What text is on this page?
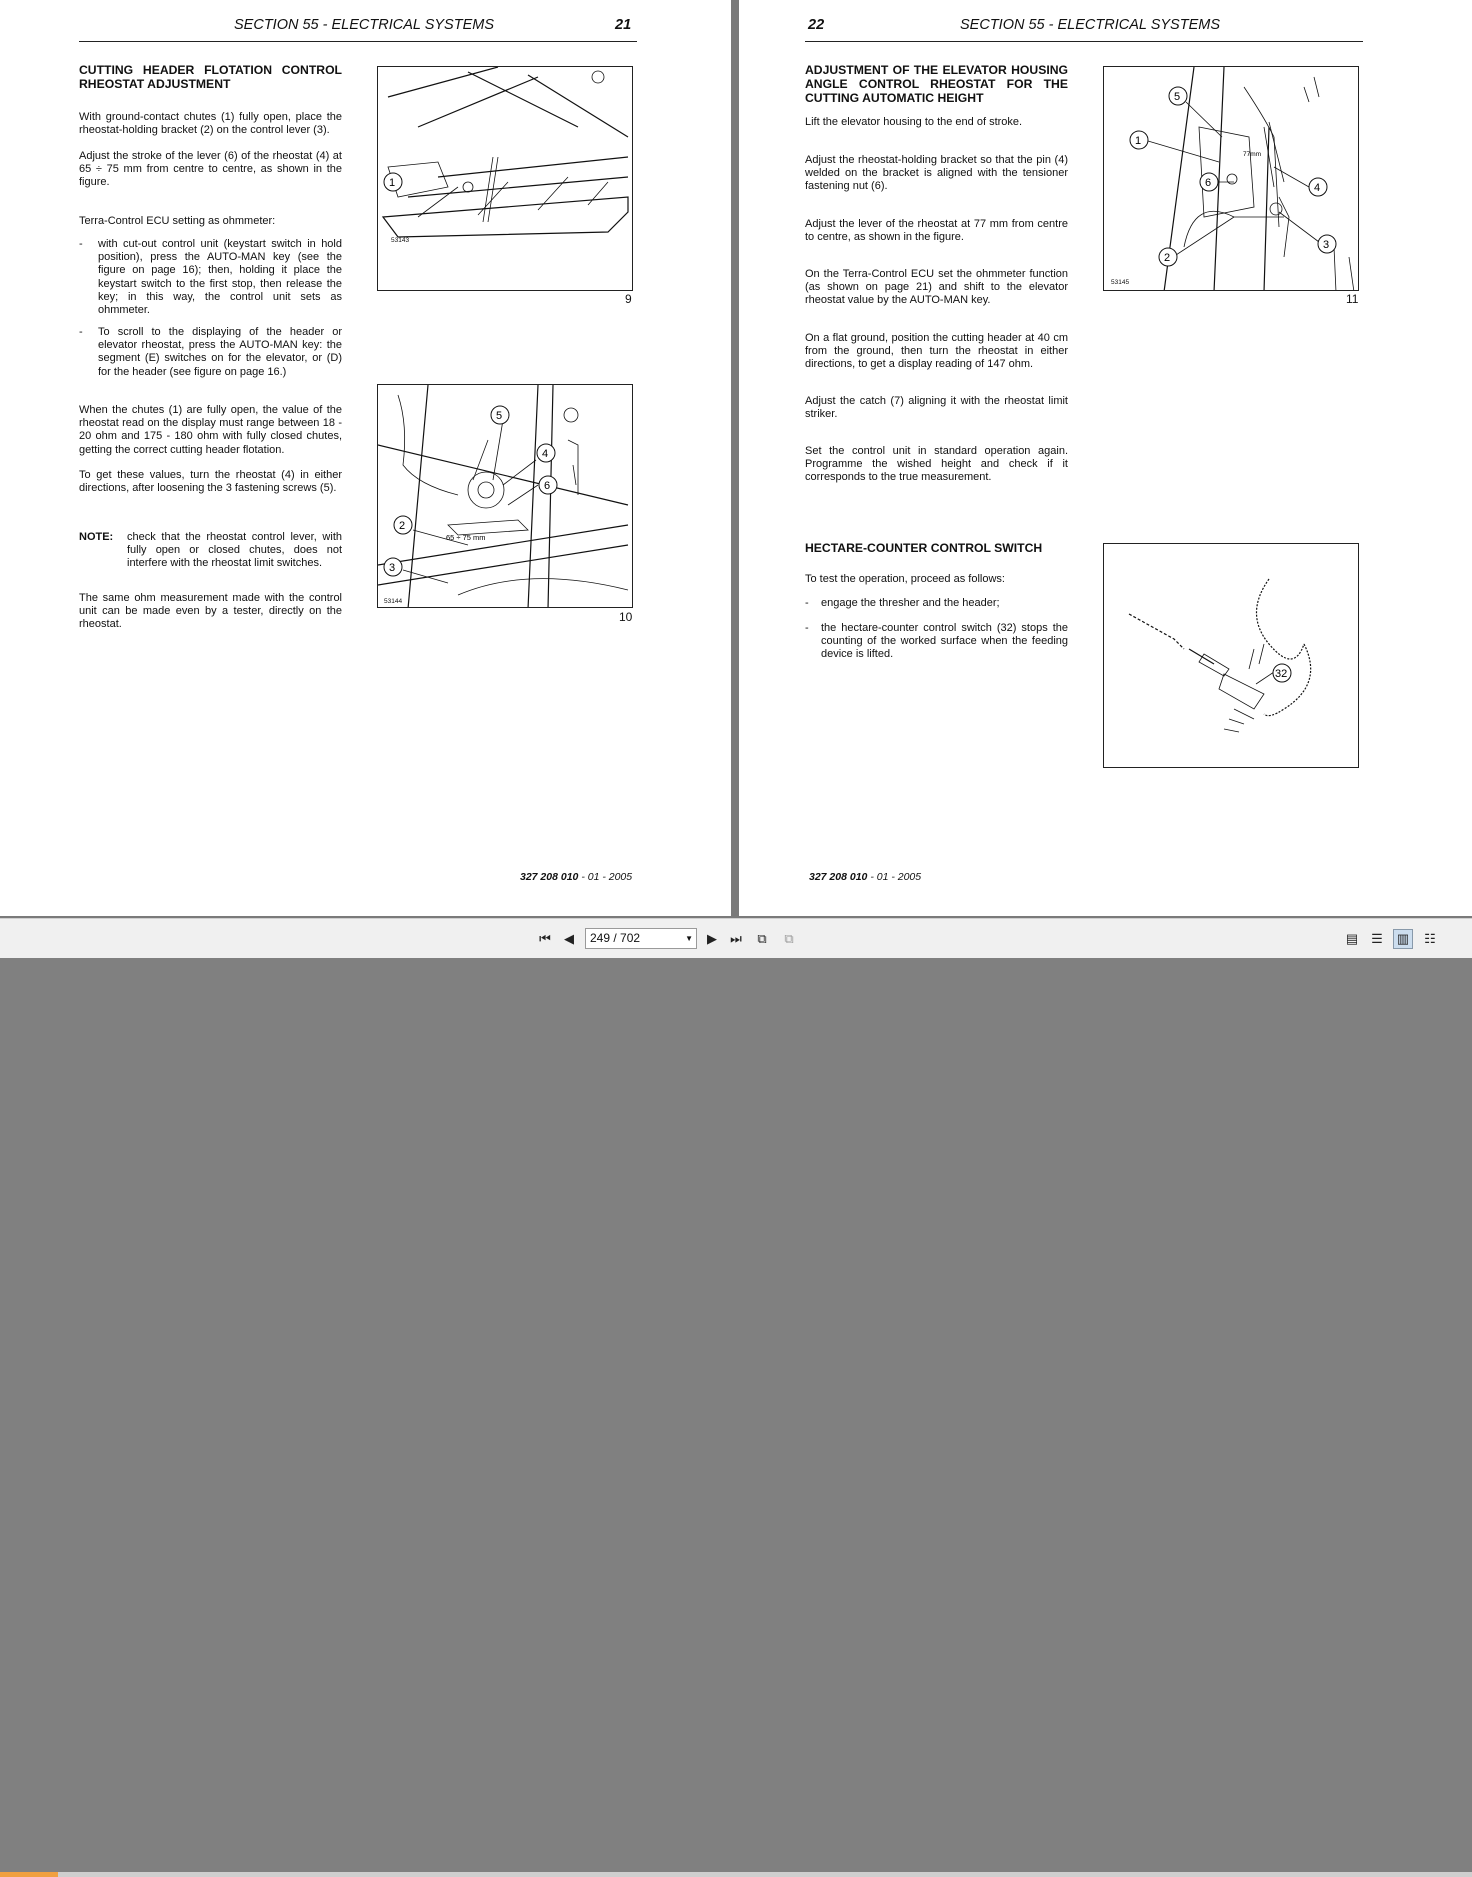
SECTION 55 - ELECTRICAL SYSTEMS	21
CUTTING HEADER FLOTATION CONTROL RHEOSTAT ADJUSTMENT
With ground-contact chutes (1) fully open, place the rheostat-holding bracket (2) on the control lever (3).
Adjust the stroke of the lever (6) of the rheostat (4) at 65 ÷ 75 mm from centre to centre, as shown in the figure.
Terra-Control ECU setting as ohmmeter:
- with cut-out control unit (keystart switch in hold position), press the AUTO-MAN key (see the figure on page 16); then, holding it place the keystart switch to the first stop, then release the key; in this way, the control unit sets as ohmmeter.
- To scroll to the displaying of the header or elevator rheostat, press the AUTO-MAN key: the segment (E) switches on for the elevator, or (D) for the header (see figure on page 16.)
When the chutes (1) are fully open, the value of the rheostat read on the display must range between 18 - 20 ohm and 175 - 180 ohm with fully closed chutes, getting the correct cutting header flotation.
To get these values, turn the rheostat (4) in either directions, after loosening the 3 fastening screws (5).
NOTE:	check that the rheostat control lever, with fully open or closed chutes, does not interfere with the rheostat limit switches.
The same ohm measurement made with the control unit can be made even by a tester, directly on the rheostat.
1
53143
9
5
4
6
2
3
65 ÷ 75 mm
53144
10
327 208 010 - 01 - 2005
22	SECTION 55 - ELECTRICAL SYSTEMS
ADJUSTMENT OF THE ELEVATOR HOUSING ANGLE CONTROL RHEOSTAT FOR THE CUTTING AUTOMATIC HEIGHT
Lift the elevator housing to the end of stroke.
Adjust the rheostat-holding bracket so that the pin (4) welded on the bracket is aligned with the tensioner fastening nut (6).
Adjust the lever of the rheostat at 77 mm from centre to centre, as shown in the figure.
On the Terra-Control ECU set the ohmmeter function (as shown on page 21) and shift to the elevator rheostat value by the AUTO-MAN key.
On a flat ground, position the cutting header at 40 cm from the ground, then turn the rheostat in either directions, to get a display reading of 147 ohm.
Adjust the catch (7) aligning it with the rheostat limit striker.
Set the control unit in standard operation again. Programme the wished height and check if it corresponds to the true measurement.
HECTARE-COUNTER CONTROL SWITCH
To test the operation, proceed as follows:
- engage the thresher and the header;
- the hectare-counter control switch (32) stops the counting of the worked surface when the feeding device is lifted.
5
1
6	4
3
2
77mm
53145
11
32
327 208 010 - 01 - 2005
⏮	◀	249 / 702	▼	▶	⏭	⧉	⧉	▤	☰	▥	☷
